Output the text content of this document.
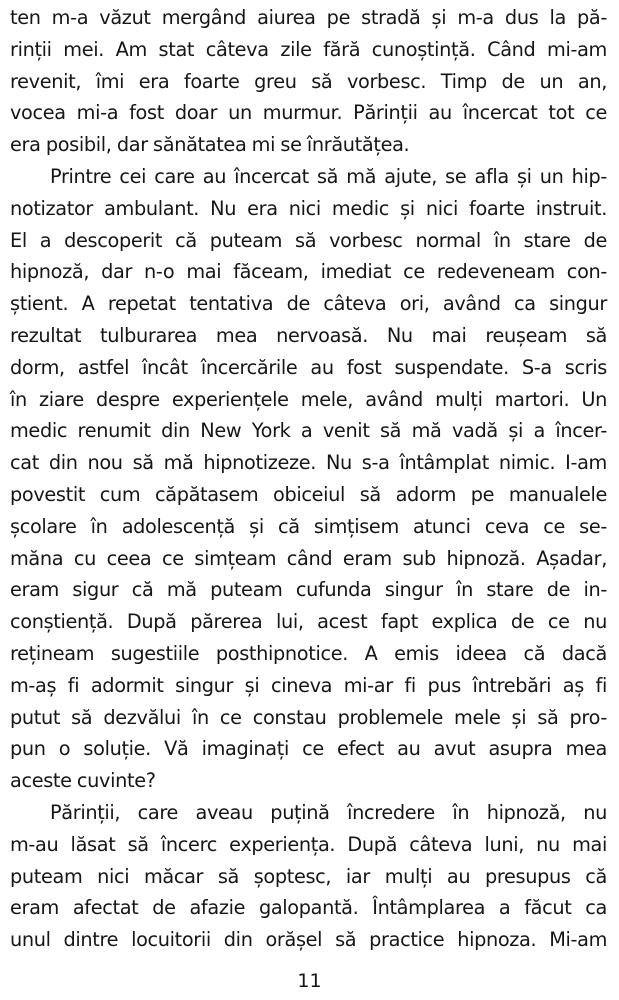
ten m-a văzut mergând aiurea pe stradă și m-a dus la pă-
rinții mei. Am stat câteva zile fără cunoștință. Când mi-am
revenit, îmi era foarte greu să vorbesc. Timp de un an,
vocea mi-a fost doar un murmur. Părinții au încercat tot ce
era posibil, dar sănătatea mi se înrăutățea.
Printre cei care au încercat să mă ajute, se afla și un hip-
notizator ambulant. Nu era nici medic și nici foarte instruit.
El a descoperit că puteam să vorbesc normal în stare de
hipnoză, dar n-o mai făceam, imediat ce redeveneam con-
știent. A repetat tentativa de câteva ori, având ca singur
rezultat tulburarea mea nervoasă. Nu mai reușeam să
dorm, astfel încât încercările au fost suspendate. S-a scris
în ziare despre experiențele mele, având mulți martori. Un
medic renumit din New York a venit să mă vadă și a încer-
cat din nou să mă hipnotizeze. Nu s-a întâmplat nimic. I-am
povestit cum căpătasem obiceiul să adorm pe manualele
școlare în adolescență și că simțisem atunci ceva ce se-
măna cu ceea ce simțeam când eram sub hipnoză. Așadar,
eram sigur că mă puteam cufunda singur în stare de in-
conștiență. După părerea lui, acest fapt explica de ce nu
rețineam sugestiile posthipnotice. A emis ideea că dacă
m-aș fi adormit singur și cineva mi-ar fi pus întrebări aș fi
putut să dezvălui în ce constau problemele mele și să pro-
pun o soluție. Vă imaginați ce efect au avut asupra mea
aceste cuvinte?
Părinții, care aveau puțină încredere în hipnoză, nu
m-au lăsat să încerc experiența. După câteva luni, nu mai
puteam nici măcar să șoptesc, iar mulți au presupus că
eram afectat de afazie galopantă. Întâmplarea a făcut ca
unul dintre locuitorii din orășel să practice hipnoza. Mi-am
11
